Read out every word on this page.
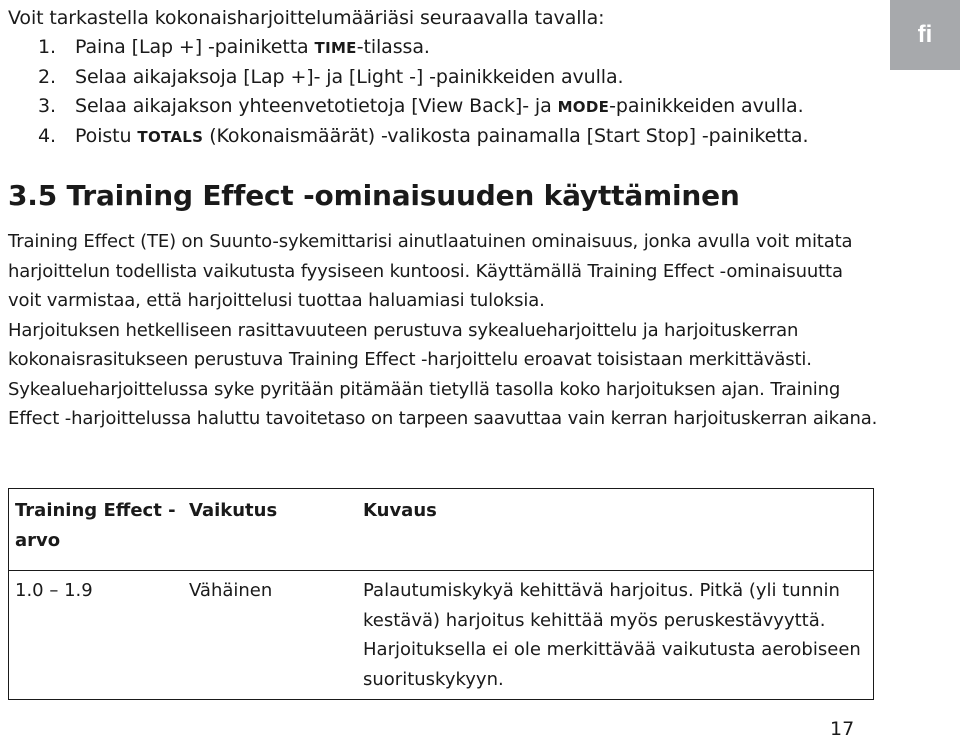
Voit tarkastella kokonaisharjoittelumääriäsi seuraavalla tavalla:
1. Paina [Lap +] -painiketta TIME-tilassa.
2. Selaa aikajaksoja [Lap +]- ja [Light -] -painikkeiden avulla.
3. Selaa aikajakson yhteenvetotietoja [View Back]- ja MODE-painikkeiden avulla.
4. Poistu TOTALS (Kokonaismäärät) -valikosta painamalla [Start Stop] -painiketta.
fi
3.5 Training Effect -ominaisuuden käyttäminen

Training Effect (TE) on Suunto-sykemittarisi ainutlaatuinen ominaisuus, jonka avulla voit mitata harjoittelun todellista vaikutusta fyysiseen kuntoosi. Käyttämällä Training Effect -ominaisuutta voit varmistaa, että harjoittelusi tuottaa haluamiasi tuloksia.

Harjoituksen hetkelliseen rasittavuuteen perustuva sykealueharjoittelu ja harjoituskerran kokonaisrasitukseen perustuva Training Effect -harjoittelu eroavat toisistaan merkittävästi. Sykealueharjoittelussa syke pyritään pitämään tietyllä tasolla koko harjoituksen ajan. Training Effect -harjoittelussa haluttu tavoitetaso on tarpeen saavuttaa vain kerran harjoituskerran aikana.

Training Effect -arvo	Vaikutus	Kuvaus
1.0 – 1.9	Vähäinen	Palautumiskykyä kehittävä harjoitus. Pitkä (yli tunnin kestävä) harjoitus kehittää myös peruskestävyyttä. Harjoituksella ei ole merkittävää vaikutusta aerobiseen suorituskykyyn.
17
